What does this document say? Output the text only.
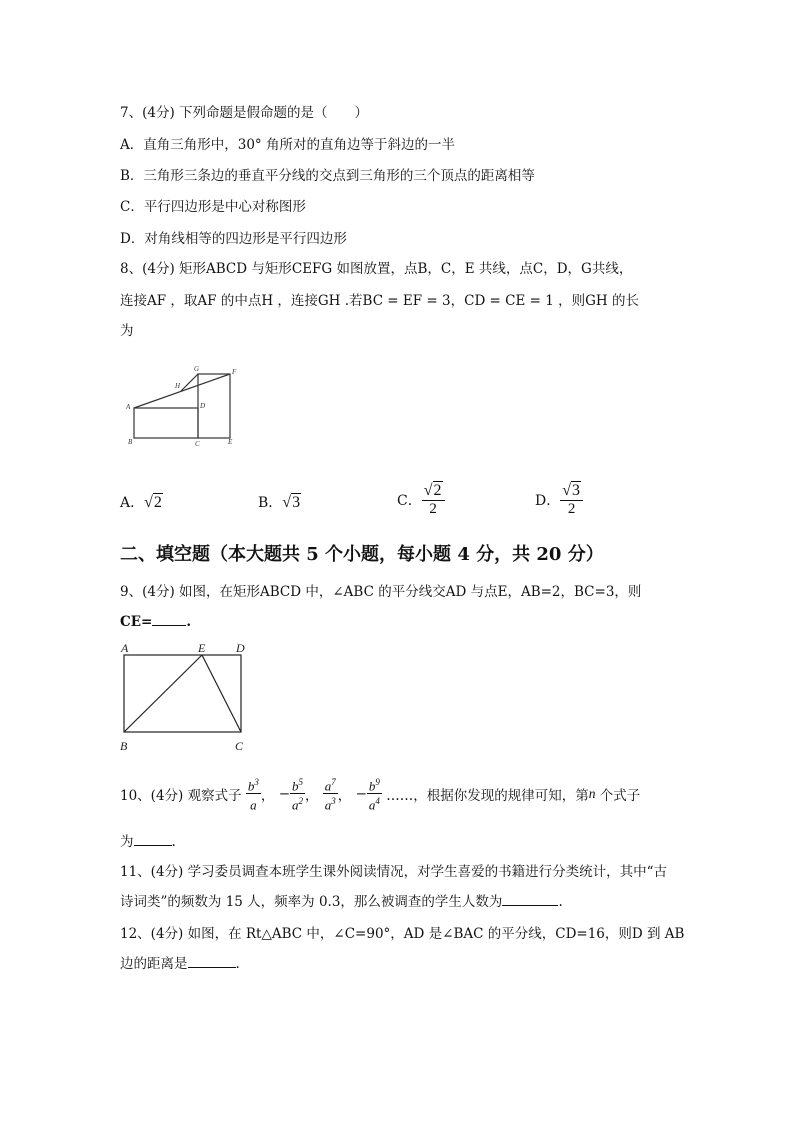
7、(4分) 下列命题是假命题的是（　　）
A．直角三角形中，30° 角所对的直角边等于斜边的一半
B．三角形三条边的垂直平分线的交点到三角形的三个顶点的距离相等
C．平行四边形是中心对称图形
D．对角线相等的四边形是平行四边形
8、(4分) 矩形ABCD 与矩形CEFG 如图放置，点B，C，E 共线，点C，D，G共线，
连接AF ，取AF 的中点H ，连接GH .若BC = EF = 3，CD = CE = 1 ，则GH 的长
为
G	F
H
A	D
B	C	E
A．√2	B．√3	C． $\frac{√2}{2}$	D． $\frac{√3}{2}$
二、填空题（本大题共 5 个小题，每小题 4 分，共 20 分）
9、(4分) 如图，在矩形ABCD 中，∠ABC 的平分线交AD 与点E，AB=2，BC=3，则
CE=	.
A	E	D
B	C
10、(4分) 观察式子 $\frac{b^3}{a}$ ， − $\frac{b^5}{a^2}$ ， $\frac{a^7}{a^3}$ ， − $\frac{b^9}{a^4}$ ……，根据你发现的规律可知，第n 个式子
为	.
11、(4分) 学习委员调查本班学生课外阅读情况，对学生喜爱的书籍进行分类统计，其中“古
诗词类”的频数为 15 人，频率为 0.3，那么被调查的学生人数为	.
12、(4分) 如图，在 Rt△ABC 中，∠C=90°，AD 是∠BAC 的平分线，CD=16，则D 到 AB
边的距离是	.
